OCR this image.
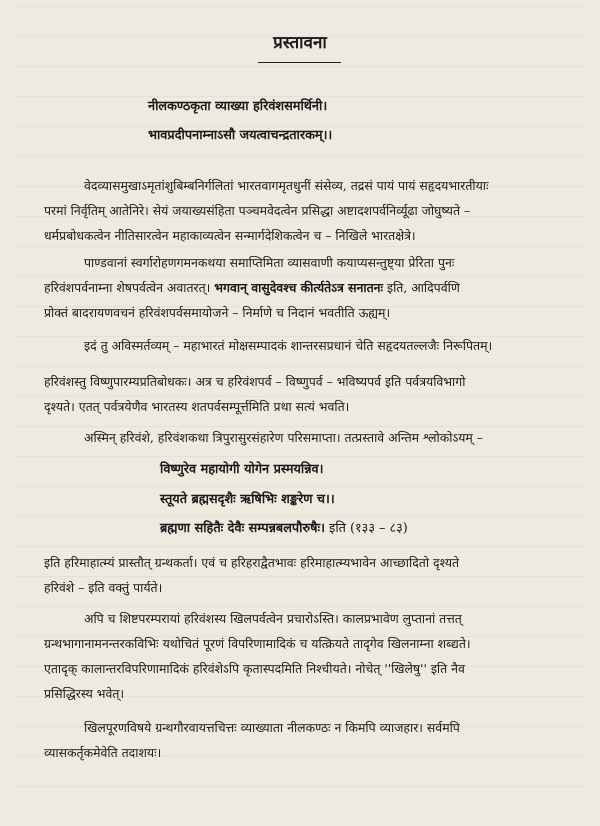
प्रस्तावना
नीलकण्ठकृता व्याख्या हरिवंशसमर्थिनी।
भावप्रदीपनाम्नाऽसौ जयत्वाचन्द्रतारकम्।।
वेदव्यासमुखाऽमृतांशुबिम्बनिर्गलितां भारतवागमृतधुनीं संसेव्य, तद्रसं पायं पायं सहृदयभारतीयाः
परमां निर्वृतिम् आतेनिरे। सेयं जयाख्यसंहिता पञ्चमवेदत्वेन प्रसिद्धा अष्टादशपर्वनिर्व्यूढा जोघुष्यते –
धर्मप्रबोधकत्वेन नीतिसारत्वेन महाकाव्यत्वेन सन्मार्गदेशिकत्वेन च – निखिले भारतक्षेत्रे।
पाण्डवानां स्वर्गारोहणगमनकथया समाप्तिमिता व्यासवाणी कयाप्यसन्तुष्ट्या प्रेरिता पुनः
हरिवंशपर्वनाम्ना शेषपर्वत्वेन अवातरत्। भगवान् वासुदेवश्च कीर्त्यतेऽत्र सनातनः इति, आदिपर्वणि
प्रोक्तं बादरायणवचनं हरिवंशपर्वसमायोजने – निर्माणे च निदानं भवतीति ऊह्यम्।
इदं तु अविस्मर्तव्यम् – महाभारतं मोक्षसम्पादकं शान्तरसप्रधानं चेति सहृदयतल्लजैः निरूपितम्।
हरिवंशस्तु विष्णुपारम्यप्रतिबोधकः। अत्र च हरिवंशपर्व – विष्णुपर्व – भविष्यपर्व इति पर्वत्रयविभागो
दृश्यते। एतत् पर्वत्रयेणैव भारतस्य शतपर्वसम्पूर्त्तमिति प्रथा सत्यं भवति।
अस्मिन् हरिवंशे, हरिवंशकथा त्रिपुरासुरसंहारेण परिसमाप्ता। तत्प्रस्तावे अन्तिम श्लोकोऽयम् –
विष्णुरेव महायोगी योगेन प्रस्मयन्निव।
स्तूयते ब्रह्मसदृशैः ऋषिभिः शङ्करेण च।।
ब्रह्मणा सहितैः देवैः सम्पन्नबलपौरुषैः। इति (१३३ – ८३)
इति हरिमाहात्म्यं प्रास्तौत् ग्रन्थकर्ता। एवं च हरिहराद्वैतभावः हरिमाहात्म्यभावेन आच्छादितो दृश्यते
हरिवंशे – इति वक्तुं पार्यते।
अपि च शिष्टपरम्परायां हरिवंशस्य खिलपर्वत्वेन प्रचारोऽस्ति। कालप्रभावेण लुप्तानां तत्तत्
ग्रन्थभागानामनन्तरकविभिः यथोचितं पूरणं विपरिणामादिकं च यत्क्रियते तादृगेव खिलनाम्ना शब्द्यते।
एतादृक् कालान्तरविपरिणामादिकं हरिवंशेऽपि कृतास्पदमिति निश्चीयते। नोचेत् ''खिलेषु'' इति नैव
प्रसिद्धिरस्य भवेत्।
खिलपूरणविषये ग्रन्थगौरवायत्तचित्तः व्याख्याता नीलकण्ठः न किमपि व्याजहार। सर्वमपि
व्यासकर्तृकमेवेति तदाशयः।
